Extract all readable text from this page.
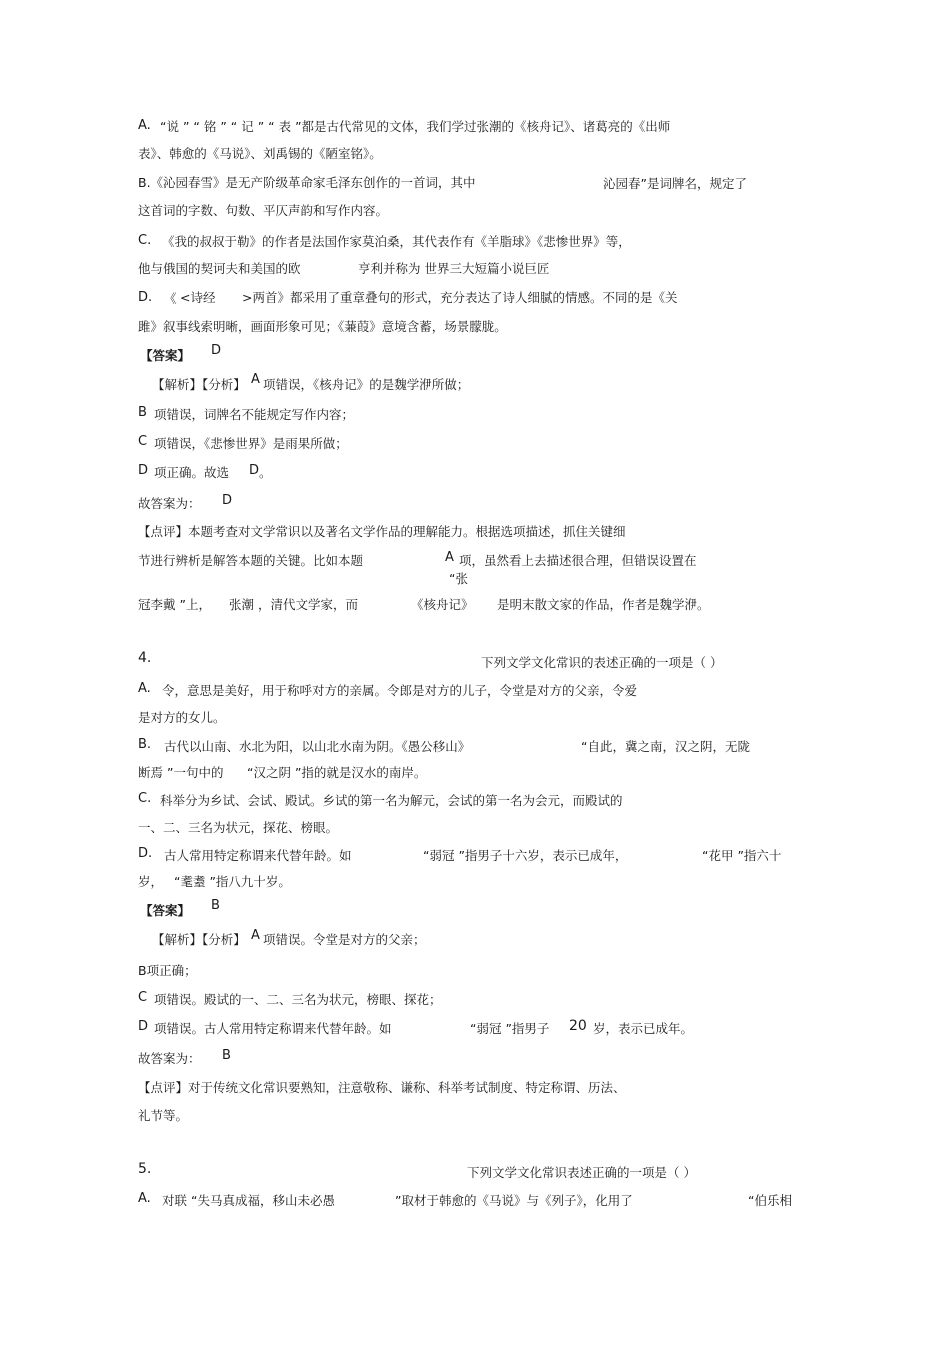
A. “说 ” “ 铭 ” “ 记 ” “ 表 ”都是古代常见的文体，我们学过张潮的《核舟记》、诸葛亮的《出师
表》、韩愈的《马说》、刘禹锡的《陋室铭》。
B.《沁园春雪》是无产阶级革命家毛泽东创作的一首词，其中	沁园春”是词牌名，规定了
这首词的字数、句数、平仄声韵和写作内容。
C. 《我的叔叔于勒》的作者是法国作家莫泊桑，其代表作有《羊脂球》《悲惨世界》等，
他与俄国的契诃夫和美国的欧	亨利并称为 世界三大短篇小说巨匠
D. 《 <诗经 >两首》都采用了重章叠句的形式，充分表达了诗人细腻的情感。不同的是《关
雎》叙事线索明晰，画面形象可见；《蒹葭》意境含蓄，场景朦胧。
【答案】 D
【解析】【分析】 A 项错误，《核舟记》的是魏学洢所做；
B 项错误，词牌名不能规定写作内容；
C 项错误，《悲惨世界》是雨果所做；
D 项正确。故选 D 。
故答案为： D
【点评】本题考查对文学常识以及著名文学作品的理解能力。根据选项描述，抓住关键细
节进行辨析是解答本题的关键。比如本题	A 项，虽然看上去描述很合理，但错误设置在
“张
冠李戴 ”上， 张潮 ，清代文学家，而	《核舟记》 是明末散文家的作品，作者是魏学洢。
4.	下列文学文化常识的表述正确的一项是（ ）
A. 令，意思是美好，用于称呼对方的亲属。令郎是对方的儿子，令堂是对方的父亲，令爱
是对方的女儿。
B. 古代以山南、水北为阳，以山北水南为阴。《愚公移山》	“自此，冀之南，汉之阴，无陇
断焉 ”一句中的 “汉之阴 ”指的就是汉水的南岸。
C. 科举分为乡试、会试、殿试。乡试的第一名为解元，会试的第一名为会元，而殿试的
一、二、三名为状元，探花、榜眼。
D. 古人常用特定称谓来代替年龄。如	“弱冠 ”指男子十六岁，表示已成年，	“花甲 ”指六十
岁， “耄耋 ”指八九十岁。
【答案】 B
【解析】【分析】 A 项错误。令堂是对方的父亲；
B项正确；
C 项错误。殿试的一、二、三名为状元，榜眼、探花；
D 项错误。古人常用特定称谓来代替年龄。如	“弱冠 ”指男子 20 岁，表示已成年。
故答案为： B
【点评】对于传统文化常识要熟知，注意敬称、谦称、科举考试制度、特定称谓、历法、
礼节等。
5.	下列文学文化常识表述正确的一项是（ ）
A. 对联 “失马真成福，移山未必愚	”取材于韩愈的《马说》与《列子》，化用了	“伯乐相
